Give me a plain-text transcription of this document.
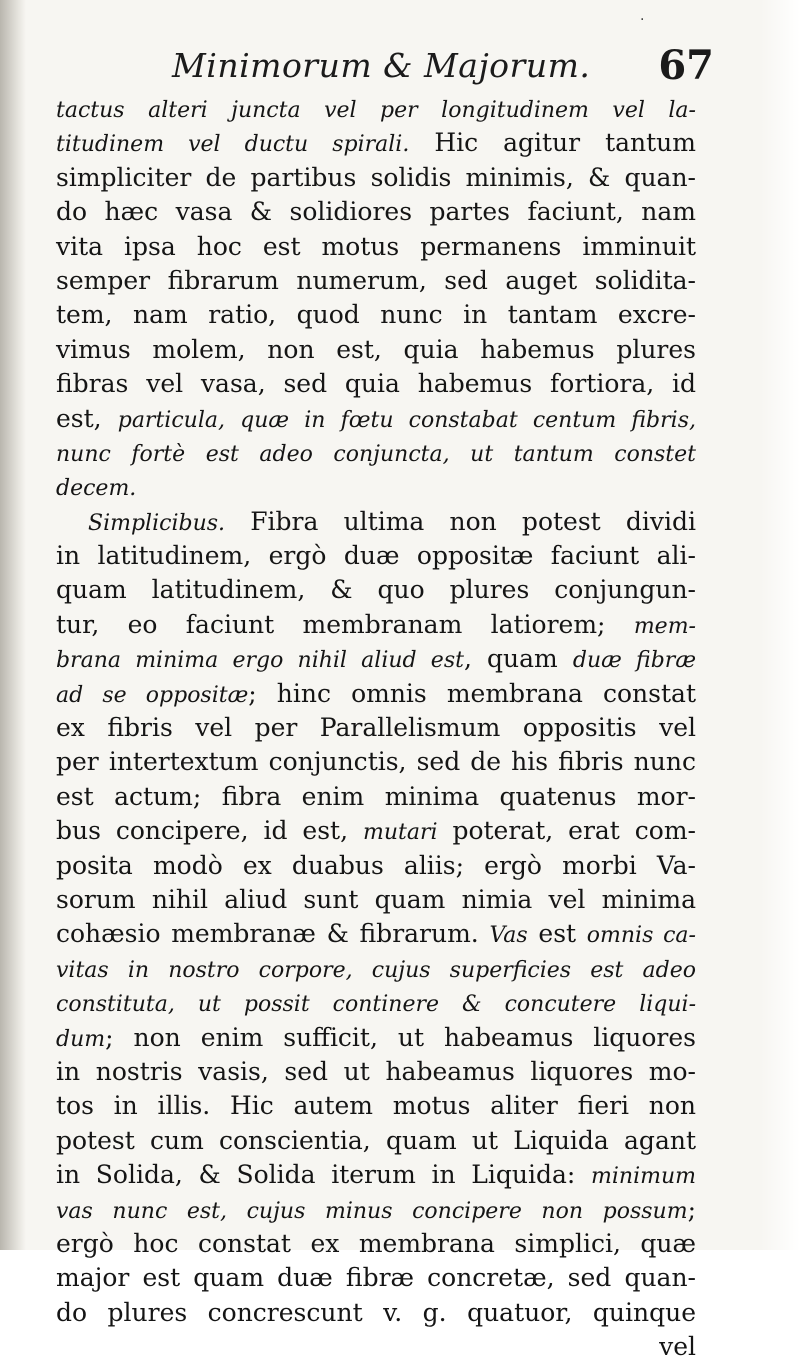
Minimorum & Majorum. 67
tactus alteri juncta vel per longitudinem vel la-
titudinem vel ductu spirali. Hic agitur tantum
simpliciter de partibus solidis minimis, & quan-
do hæc vasa & solidiores partes faciunt, nam
vita ipsa hoc est motus permanens imminuit
semper fibrarum numerum, sed auget solidita-
tem, nam ratio, quod nunc in tantam excre-
vimus molem, non est, quia habemus plures
fibras vel vasa, sed quia habemus fortiora, id
est, particula, quæ in fœtu constabat centum fibris,
nunc fortè est adeo conjuncta, ut tantum constet
decem.
Simplicibus. Fibra ultima non potest dividi
in latitudinem, ergò duæ oppositæ faciunt ali-
quam latitudinem, & quo plures conjungun-
tur, eo faciunt membranam latiorem; mem-
brana minima ergo nihil aliud est, quam duæ fibræ
ad se oppositæ; hinc omnis membrana constat
ex fibris vel per Parallelismum oppositis vel
per intertextum conjunctis, sed de his fibris nunc
est actum; fibra enim minima quatenus mor-
bus concipere, id est, mutari poterat, erat com-
posita modò ex duabus aliis; ergò morbi Va-
sorum nihil aliud sunt quam nimia vel minima
cohæsio membranæ & fibrarum. Vas est omnis ca-
vitas in nostro corpore, cujus superficies est adeo
constituta, ut possit continere & concutere liqui-
dum; non enim sufficit, ut habeamus liquores
in nostris vasis, sed ut habeamus liquores mo-
tos in illis. Hic autem motus aliter fieri non
potest cum conscientia, quam ut Liquida agant
in Solida, & Solida iterum in Liquida: minimum
vas nunc est, cujus minus concipere non possum;
ergò hoc constat ex membrana simplici, quæ
major est quam duæ fibræ concretæ, sed quan-
do plures concrescunt v. g. quatuor, quinque
vel
·
